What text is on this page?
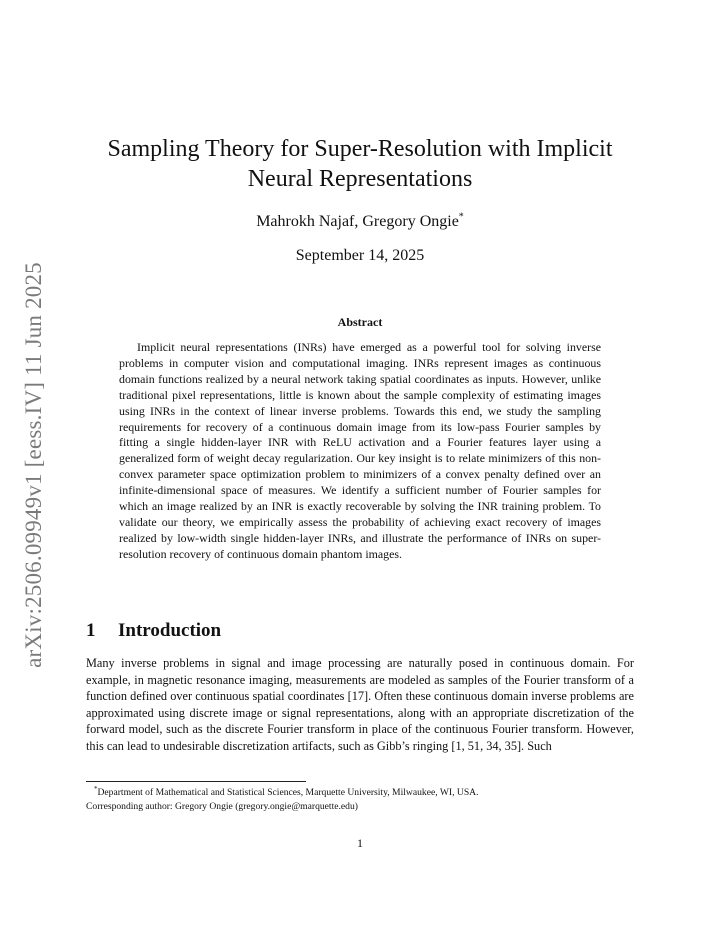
arXiv:2506.09949v1 [eess.IV] 11 Jun 2025
Sampling Theory for Super-Resolution with Implicit Neural Representations
Mahrokh Najaf, Gregory Ongie*
September 14, 2025
Abstract
Implicit neural representations (INRs) have emerged as a powerful tool for solving inverse problems in computer vision and computational imaging. INRs represent images as continuous domain functions realized by a neural network taking spatial coordinates as inputs. However, unlike traditional pixel representations, little is known about the sample complexity of estimating images using INRs in the context of linear inverse problems. Towards this end, we study the sampling requirements for recovery of a continuous domain image from its low-pass Fourier samples by fitting a single hidden-layer INR with ReLU activation and a Fourier features layer using a generalized form of weight decay regularization. Our key insight is to relate minimizers of this non-convex parameter space optimization problem to minimizers of a convex penalty defined over an infinite-dimensional space of measures. We identify a sufficient number of Fourier samples for which an image realized by an INR is exactly recoverable by solving the INR training problem. To validate our theory, we empirically assess the probability of achieving exact recovery of images realized by low-width single hidden-layer INRs, and illustrate the performance of INRs on super-resolution recovery of continuous domain phantom images.
1 Introduction
Many inverse problems in signal and image processing are naturally posed in continuous domain. For example, in magnetic resonance imaging, measurements are modeled as samples of the Fourier transform of a function defined over continuous spatial coordinates [17]. Often these continuous domain inverse problems are approximated using discrete image or signal representations, along with an appropriate discretization of the forward model, such as the discrete Fourier transform in place of the continuous Fourier transform. However, this can lead to undesirable discretization artifacts, such as Gibb’s ringing [1, 51, 34, 35]. Such
*Department of Mathematical and Statistical Sciences, Marquette University, Milwaukee, WI, USA.
Corresponding author: Gregory Ongie (gregory.ongie@marquette.edu)
1
